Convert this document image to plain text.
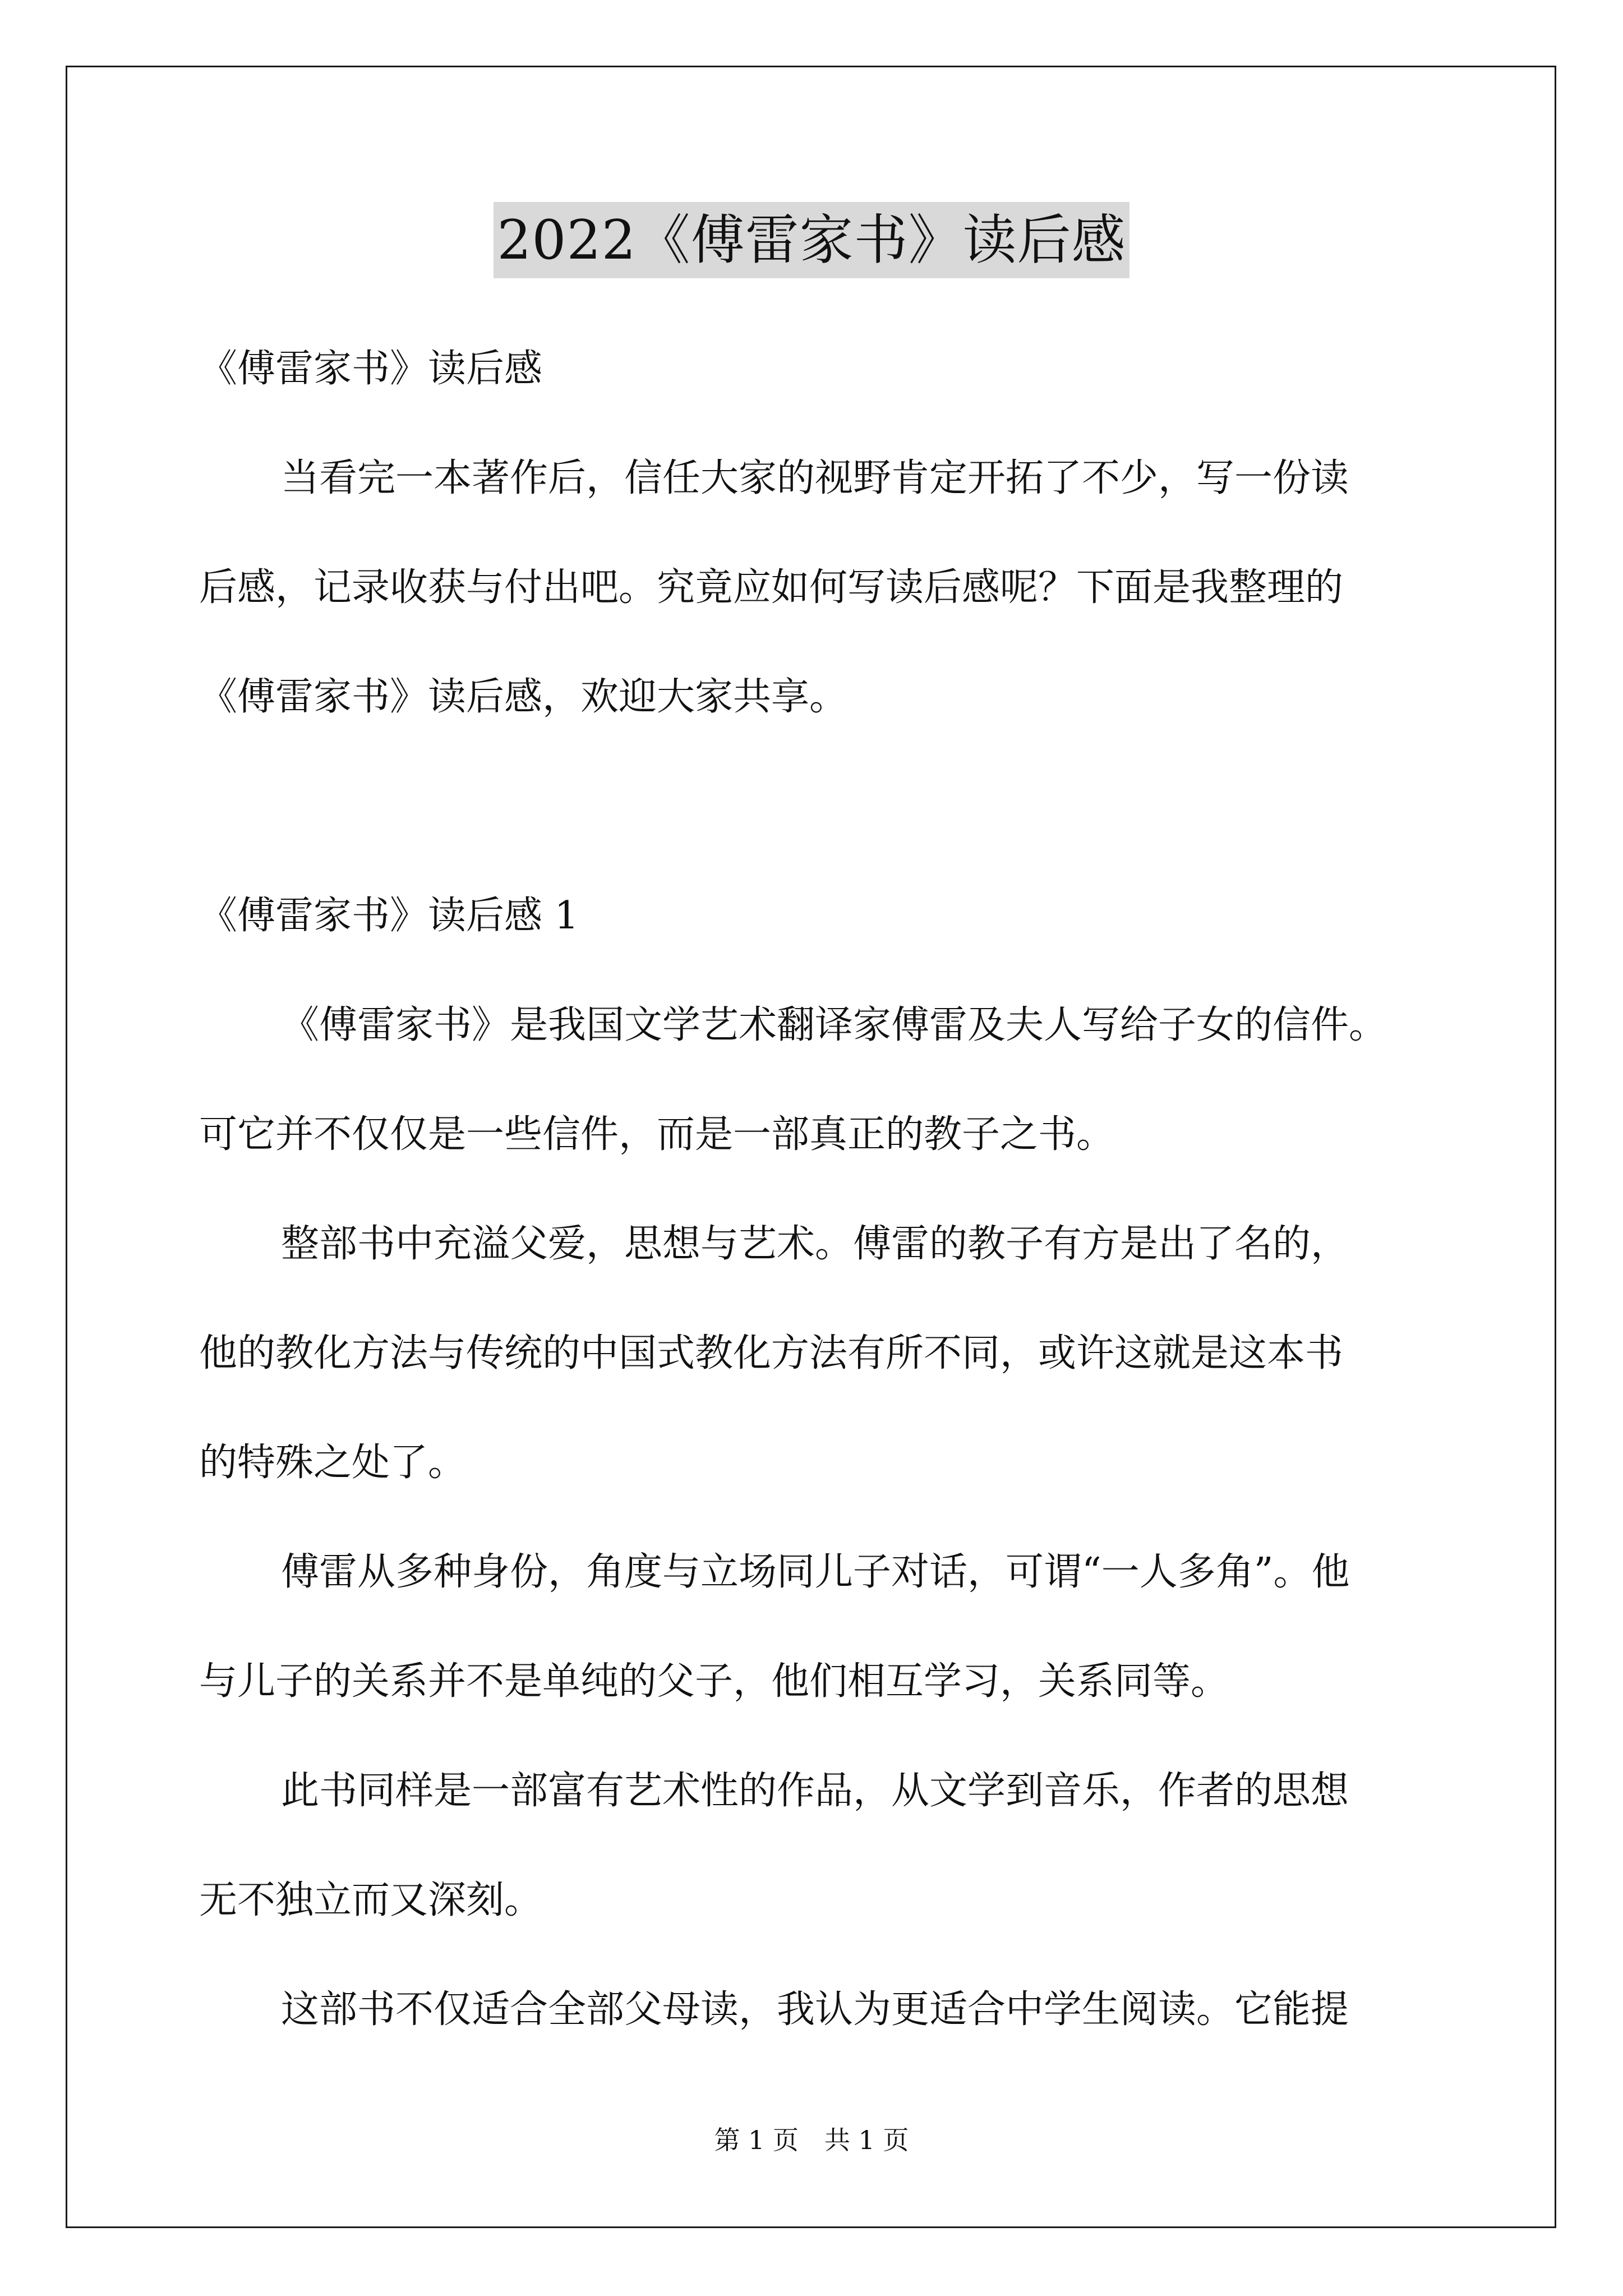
2022《傅雷家书》读后感

《傅雷家书》读后感

当看完一本著作后，信任大家的视野肯定开拓了不少，写一份读

后感，记录收获与付出吧。究竟应如何写读后感呢？下面是我整理的

《傅雷家书》读后感，欢迎大家共享。

《傅雷家书》读后感 1

《傅雷家书》是我国文学艺术翻译家傅雷及夫人写给子女的信件。

可它并不仅仅是一些信件，而是一部真正的教子之书。

整部书中充溢父爱，思想与艺术。傅雷的教子有方是出了名的，

他的教化方法与传统的中国式教化方法有所不同，或许这就是这本书

的特殊之处了。

傅雷从多种身份，角度与立场同儿子对话，可谓“一人多角”。他

与儿子的关系并不是单纯的父子，他们相互学习，关系同等。

此书同样是一部富有艺术性的作品，从文学到音乐，作者的思想

无不独立而又深刻。

这部书不仅适合全部父母读，我认为更适合中学生阅读。它能提

第 1 页　共 1 页
